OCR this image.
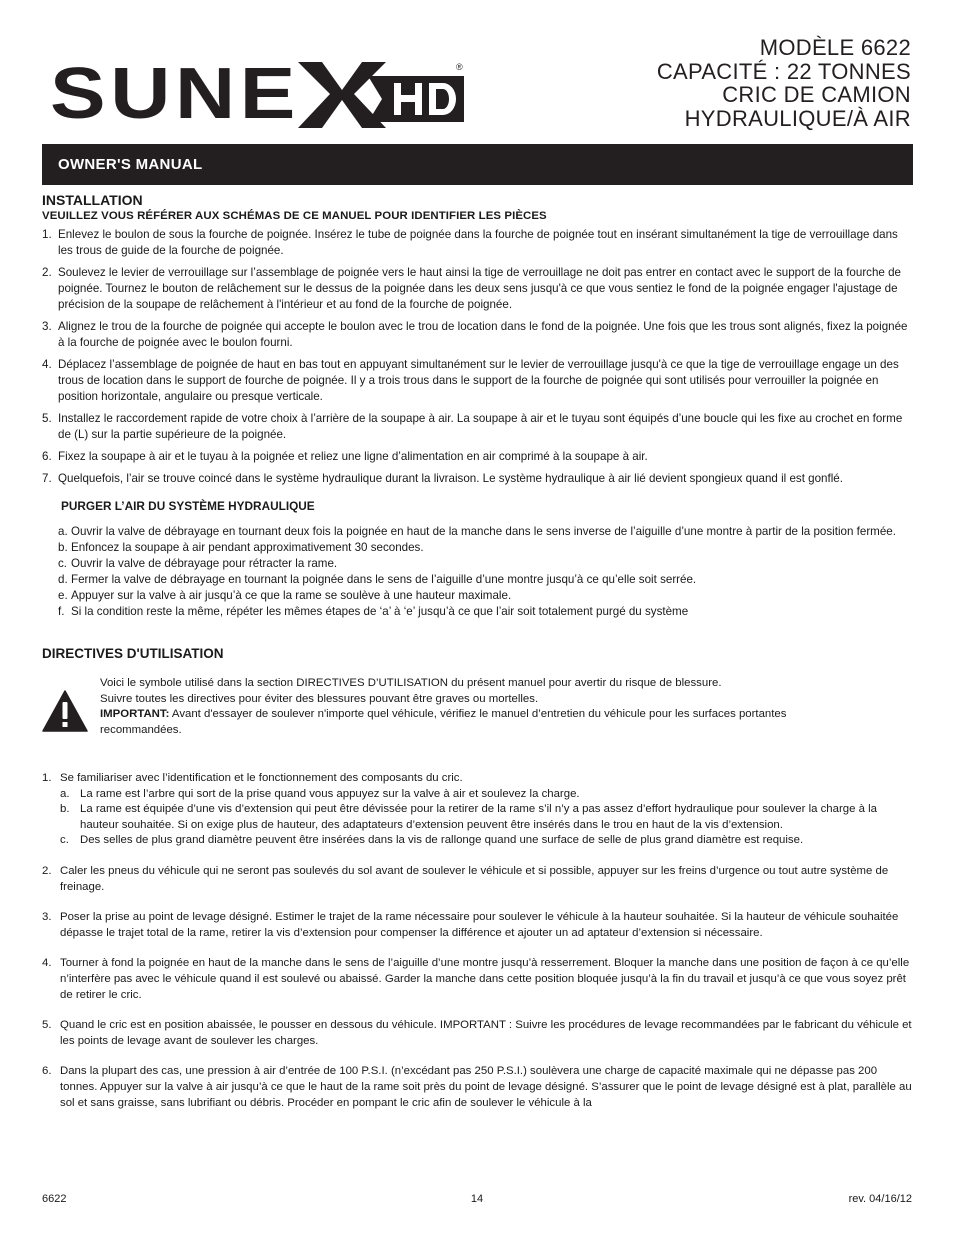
SUNE	®
MODÈLE 6622
CAPACITÉ : 22 TONNES
CRIC DE CAMION
HYDRAULIQUE/À AIR
OWNER'S MANUAL
INSTALLATION
VEUILLEZ VOUS RÉFÉRER AUX SCHÉMAS DE CE MANUEL POUR IDENTIFIER LES PIÈCES
1. Enlevez le boulon de sous la fourche de poignée. Insérez le tube de poignée dans la fourche de poignée tout en insérant simultanément la tige de verrouillage dans les trous de guide de la fourche de poignée.
2. Soulevez le levier de verrouillage sur l’assemblage de poignée vers le haut ainsi la tige de verrouillage ne doit pas entrer en contact avec le support de la fourche de poignée. Tournez le bouton de relâchement sur le dessus de la poignée dans les deux sens jusqu'à ce que vous sentiez le fond de la poignée engager l'ajustage de précision de la soupape de relâchement à l'intérieur et au fond de la fourche de poignée.
3. Alignez le trou de la fourche de poignée qui accepte le boulon avec le trou de location dans le fond de la poignée. Une fois que les trous sont alignés, fixez la poignée à la fourche de poignée avec le boulon fourni.
4. Déplacez l’assemblage de poignée de haut en bas tout en appuyant simultanément sur le levier de verrouillage jusqu'à ce que la tige de verrouillage engage un des trous de location dans le support de fourche de poignée. Il y a trois trous dans le support de la fourche de poignée qui sont utilisés pour verrouiller la poignée en position horizontale, angulaire ou presque verticale.
5. Installez le raccordement rapide de votre choix à l’arrière de la soupape à air. La soupape à air et le tuyau sont équipés d’une boucle qui les fixe au crochet en forme de (L) sur la partie supérieure de la poignée.
6. Fixez la soupape à air et le tuyau à la poignée et reliez une ligne d’alimentation en air comprimé à la soupape à air.
7. Quelquefois, l’air se trouve coincé dans le système hydraulique durant la livraison. Le système hydraulique à air lié devient spongieux quand il est gonflé.
PURGER L’AIR DU SYSTÈME HYDRAULIQUE
a. Ouvrir la valve de débrayage en tournant deux fois la poignée en haut de la manche dans le sens inverse de l’aiguille d’une montre à partir de la position fermée.
b. Enfoncez la soupape à air pendant approximativement 30 secondes.
c. Ouvrir la valve de débrayage pour rétracter la rame.
d. Fermer la valve de débrayage en tournant la poignée dans le sens de l’aiguille d’une montre jusqu’à ce qu’elle soit serrée.
e. Appuyer sur la valve à air jusqu’à ce que la rame se soulève à une hauteur maximale.
f. Si la condition reste la même, répéter les mêmes étapes de ‘a’ à ‘e’ jusqu’à ce que l’air soit totalement purgé du système
DIRECTIVES D'UTILISATION
Voici le symbole utilisé dans la section DIRECTIVES D’UTILISATION du présent manuel pour avertir du risque de blessure.
Suivre toutes les directives pour éviter des blessures pouvant être graves ou mortelles.
IMPORTANT: Avant d'essayer de soulever n'importe quel véhicule, vérifiez le manuel d’entretien du véhicule pour les surfaces portantes recommandées.
1. Se familiariser avec l’identification et le fonctionnement des composants du cric.
a. La rame est l’arbre qui sort de la prise quand vous appuyez sur la valve à air et soulevez la charge.
b. La rame est équipée d’une vis d’extension qui peut être dévissée pour la retirer de la rame s’il n’y a pas assez d’effort hydraulique pour soulever la charge à la hauteur souhaitée. Si on exige plus de hauteur, des adaptateurs d’extension peuvent être insérés dans le trou en haut de la vis d’extension.
c. Des selles de plus grand diamètre peuvent être insérées dans la vis de rallonge quand une surface de selle de plus grand diamètre est requise.
2. Caler les pneus du véhicule qui ne seront pas soulevés du sol avant de soulever le véhicule et si possible, appuyer sur les freins d’urgence ou tout autre système de freinage.
3. Poser la prise au point de levage désigné. Estimer le trajet de la rame nécessaire pour soulever le véhicule à la hauteur souhaitée. Si la hauteur de véhicule souhaitée dépasse le trajet total de la rame, retirer la vis d’extension pour compenser la différence et ajouter un ad aptateur d’extension si nécessaire.
4. Tourner à fond la poignée en haut de la manche dans le sens de l’aiguille d’une montre jusqu’à resserrement. Bloquer la manche dans une position de façon à ce qu’elle n’interfère pas avec le véhicule quand il est soulevé ou abaissé. Garder la manche dans cette position bloquée jusqu’à la fin du travail et jusqu’à ce que vous soyez prêt de retirer le cric.
5. Quand le cric est en position abaissée, le pousser en dessous du véhicule. IMPORTANT : Suivre les procédures de levage recommandées par le fabricant du véhicule et les points de levage avant de soulever les charges.
6. Dans la plupart des cas, une pression à air d’entrée de 100 P.S.I. (n’excédant pas 250 P.S.I.) soulèvera une charge de capacité maximale qui ne dépasse pas 200 tonnes. Appuyer sur la valve à air jusqu’à ce que le haut de la rame soit près du point de levage désigné. S’assurer que le point de levage désigné est à plat, parallèle au sol et sans graisse, sans lubrifiant ou débris. Procéder en pompant le cric afin de soulever le véhicule à la
6622	14	rev. 04/16/12
